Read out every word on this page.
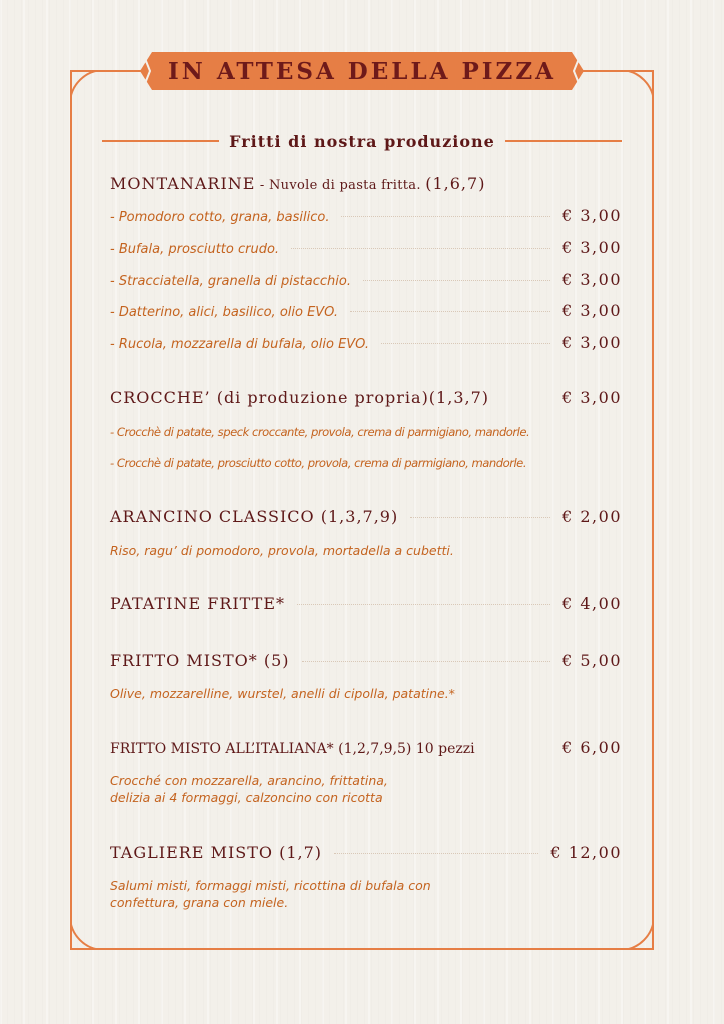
IN ATTESA DELLA PIZZA
Fritti di nostra produzione
MONTANARINE - Nuvole di pasta fritta. (1,6,7)
- Pomodoro cotto, grana, basilico.	€ 3,00
- Bufala, prosciutto crudo.	€ 3,00
- Stracciatella, granella di pistacchio.	€ 3,00
- Datterino, alici, basilico, olio EVO.	€ 3,00
- Rucola, mozzarella di bufala, olio EVO.	€ 3,00
CROCCHE’ (di produzione propria)(1,3,7)	€ 3,00
- Crocchè di patate, speck croccante, provola, crema di parmigiano, mandorle.
- Crocchè di patate, prosciutto cotto, provola, crema di parmigiano, mandorle.
ARANCINO CLASSICO (1,3,7,9)	€ 2,00
Riso, ragu’ di pomodoro, provola, mortadella a cubetti.
PATATINE FRITTE*	€ 4,00
FRITTO MISTO* (5)	€ 5,00
Olive, mozzarelline, wurstel, anelli di cipolla, patatine.*
FRITTO MISTO ALL’ITALIANA* (1,2,7,9,5) 10 pezzi	€ 6,00
Crocché con mozzarella, arancino, frittatina,
delizia ai 4 formaggi, calzoncino con ricotta
TAGLIERE MISTO (1,7)	€ 12,00
Salumi misti, formaggi misti, ricottina di bufala con
confettura, grana con miele.
